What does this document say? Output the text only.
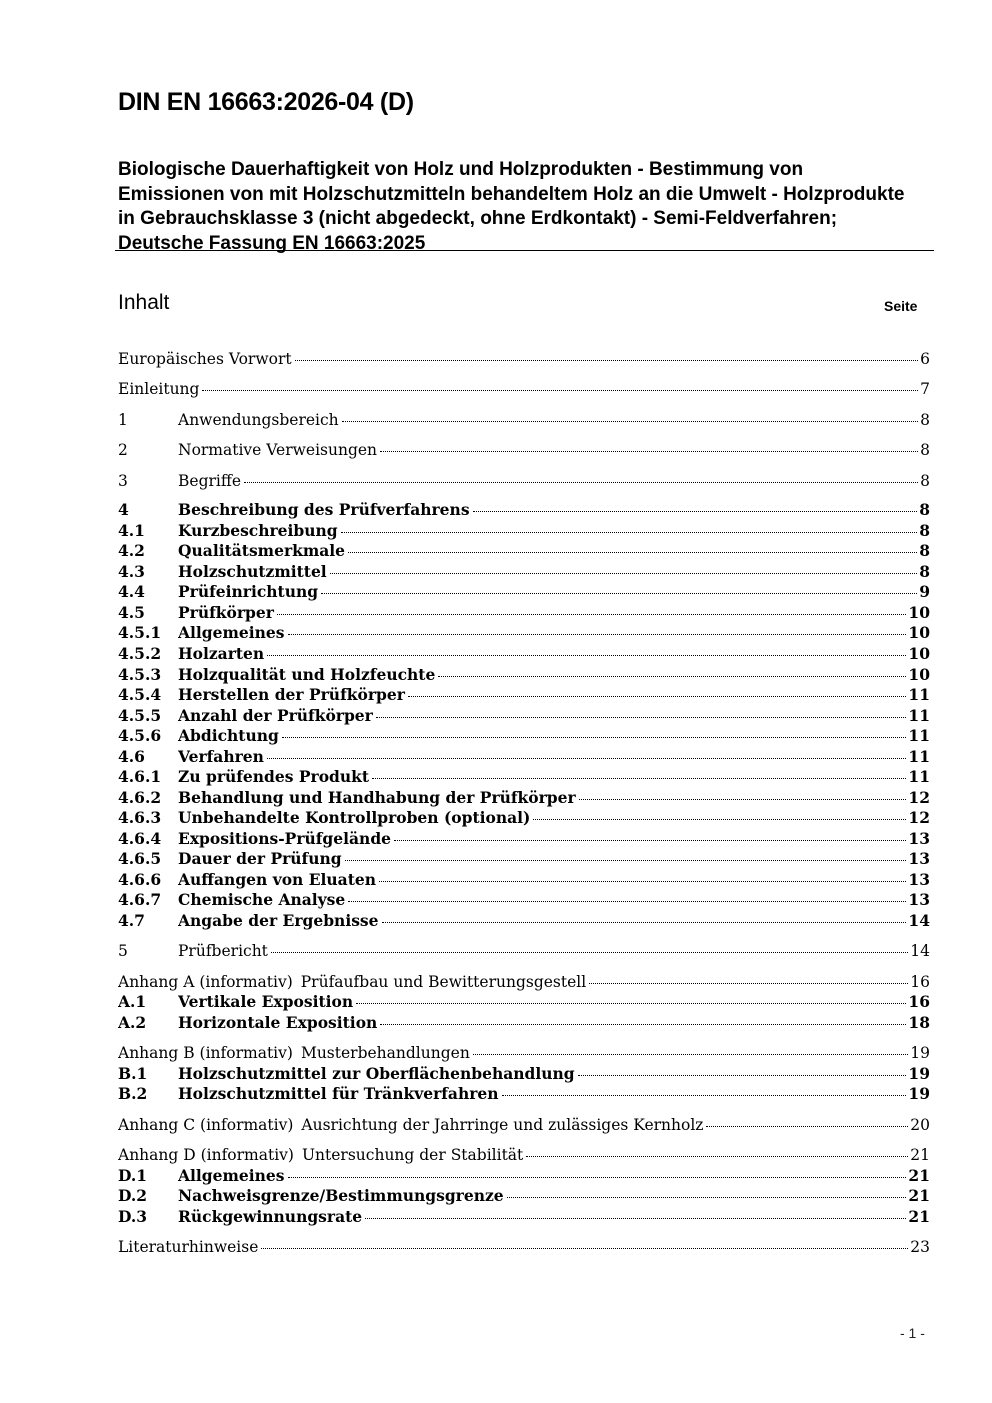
DIN EN 16663:2026-04 (D)
Biologische Dauerhaftigkeit von Holz und Holzprodukten - Bestimmung von Emissionen von mit Holzschutzmitteln behandeltem Holz an die Umwelt - Holzprodukte in Gebrauchsklasse 3 (nicht abgedeckt, ohne Erdkontakt) - Semi-Feldverfahren; Deutsche Fassung EN 16663:2025
Inhalt	Seite
Europäisches Vorwort	6
Einleitung	7
1	Anwendungsbereich	8
2	Normative Verweisungen	8
3	Begriffe	8
4	Beschreibung des Prüfverfahrens	8
4.1 Kurzbeschreibung	8
4.2 Qualitätsmerkmale	8
4.3 Holzschutzmittel	8
4.4 Prüfeinrichtung	9
4.5 Prüfkörper	10
4.5.1 Allgemeines	10
4.5.2 Holzarten	10
4.5.3 Holzqualität und Holzfeuchte	10
4.5.4 Herstellen der Prüfkörper	11
4.5.5 Anzahl der Prüfkörper	11
4.5.6 Abdichtung	11
4.6 Verfahren	11
4.6.1 Zu prüfendes Produkt	11
4.6.2 Behandlung und Handhabung der Prüfkörper	12
4.6.3 Unbehandelte Kontrollproben (optional)	12
4.6.4 Expositions-Prüfgelände	13
4.6.5 Dauer der Prüfung	13
4.6.6 Auffangen von Eluaten	13
4.6.7 Chemische Analyse	13
4.7 Angabe der Ergebnisse	14
5	Prüfbericht	14
Anhang A (informativ) Prüfaufbau und Bewitterungsgestell	16
A.1 Vertikale Exposition	16
A.2 Horizontale Exposition	18
Anhang B (informativ) Musterbehandlungen	19
B.1 Holzschutzmittel zur Oberflächenbehandlung	19
B.2 Holzschutzmittel für Tränkverfahren	19
Anhang C (informativ) Ausrichtung der Jahrringe und zulässiges Kernholz	20
Anhang D (informativ) Untersuchung der Stabilität	21
D.1 Allgemeines	21
D.2 Nachweisgrenze/Bestimmungsgrenze	21
D.3 Rückgewinnungsrate	21
Literaturhinweise	23
- 1 -
